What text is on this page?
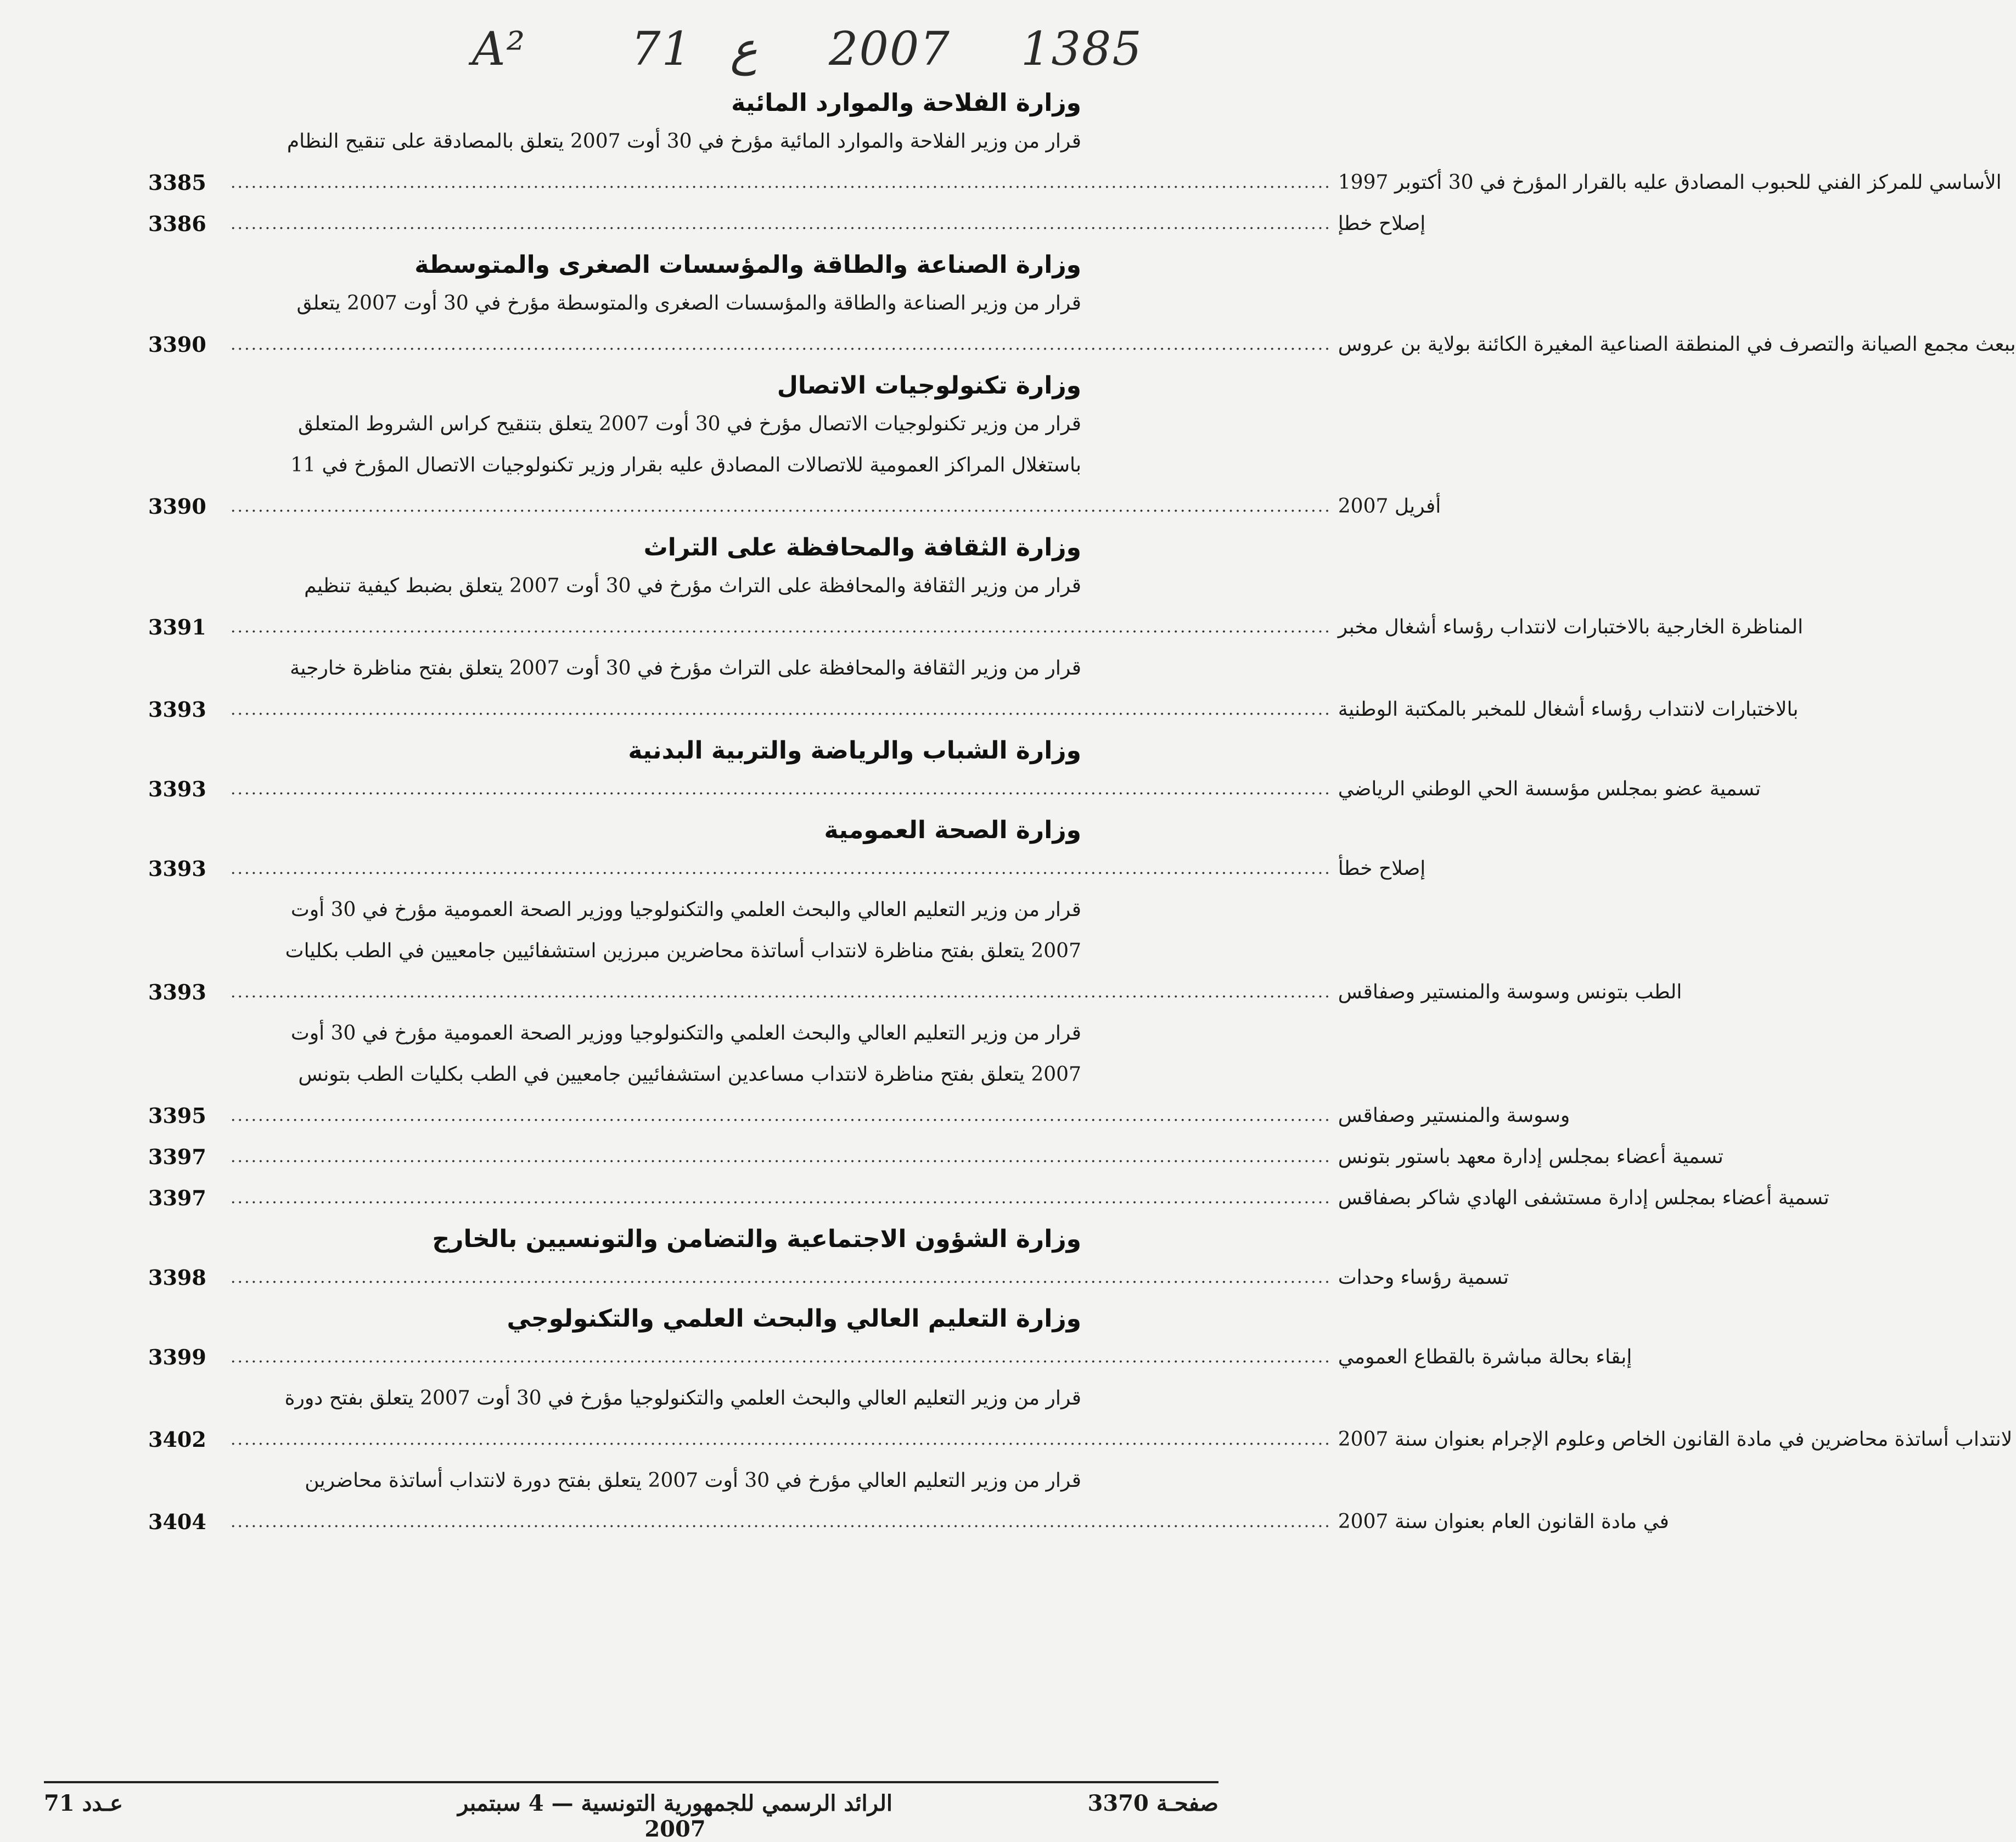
A² 71 ع 2007 1385
وزارة الفلاحة والموارد المائية
قرار من وزير الفلاحة والموارد المائية مؤرخ في 30 أوت 2007 يتعلق بالمصادقة على تنقيح النظام
3385	................................................................................................................................................................ الأساسي للمركز الفني للحبوب المصادق عليه بالقرار المؤرخ في 30 أكتوبر 1997
3386	................................................................................................................................................................ إصلاح خطإ
وزارة الصناعة والطاقة والمؤسسات الصغرى والمتوسطة
قرار من وزير الصناعة والطاقة والمؤسسات الصغرى والمتوسطة مؤرخ في 30 أوت 2007 يتعلق
3390	................................................................................................................................................................ ببعث مجمع الصيانة والتصرف في المنطقة الصناعية المغيرة الكائنة بولاية بن عروس
وزارة تكنولوجيات الاتصال
قرار من وزير تكنولوجيات الاتصال مؤرخ في 30 أوت 2007 يتعلق بتنقيح كراس الشروط المتعلق
باستغلال المراكز العمومية للاتصالات المصادق عليه بقرار وزير تكنولوجيات الاتصال المؤرخ في 11
3390	................................................................................................................................................................ أفريل 2007
وزارة الثقافة والمحافظة على التراث
قرار من وزير الثقافة والمحافظة على التراث مؤرخ في 30 أوت 2007 يتعلق بضبط كيفية تنظيم
3391	................................................................................................................................................................ المناظرة الخارجية بالاختبارات لانتداب رؤساء أشغال مخبر
قرار من وزير الثقافة والمحافظة على التراث مؤرخ في 30 أوت 2007 يتعلق بفتح مناظرة خارجية
3393	................................................................................................................................................................ بالاختبارات لانتداب رؤساء أشغال للمخبر بالمكتبة الوطنية
وزارة الشباب والرياضة والتربية البدنية
3393	................................................................................................................................................................ تسمية عضو بمجلس مؤسسة الحي الوطني الرياضي
وزارة الصحة العمومية
3393	................................................................................................................................................................ إصلاح خطأ
قرار من وزير التعليم العالي والبحث العلمي والتكنولوجيا ووزير الصحة العمومية مؤرخ في 30 أوت
2007 يتعلق بفتح مناظرة لانتداب أساتذة محاضرين مبرزين استشفائيين جامعيين في الطب بكليات
3393	................................................................................................................................................................ الطب بتونس وسوسة والمنستير وصفاقس
قرار من وزير التعليم العالي والبحث العلمي والتكنولوجيا ووزير الصحة العمومية مؤرخ في 30 أوت
2007 يتعلق بفتح مناظرة لانتداب مساعدين استشفائيين جامعيين في الطب بكليات الطب بتونس
3395	................................................................................................................................................................ وسوسة والمنستير وصفاقس
3397	................................................................................................................................................................ تسمية أعضاء بمجلس إدارة معهد باستور بتونس
3397	................................................................................................................................................................ تسمية أعضاء بمجلس إدارة مستشفى الهادي شاكر بصفاقس
وزارة الشؤون الاجتماعية والتضامن والتونسيين بالخارج
3398	................................................................................................................................................................ تسمية رؤساء وحدات
وزارة التعليم العالي والبحث العلمي والتكنولوجي
3399	................................................................................................................................................................ إبقاء بحالة مباشرة بالقطاع العمومي
قرار من وزير التعليم العالي والبحث العلمي والتكنولوجيا مؤرخ في 30 أوت 2007 يتعلق بفتح دورة
3402	................................................................................................................................................................ لانتداب أساتذة محاضرين في مادة القانون الخاص وعلوم الإجرام بعنوان سنة 2007
قرار من وزير التعليم العالي مؤرخ في 30 أوت 2007 يتعلق بفتح دورة لانتداب أساتذة محاضرين
3404	................................................................................................................................................................ في مادة القانون العام بعنوان سنة 2007
عـدد 71	الرائد الرسمي للجمهورية التونسية — 4 سبتمبر 2007
صفحـة 3370
